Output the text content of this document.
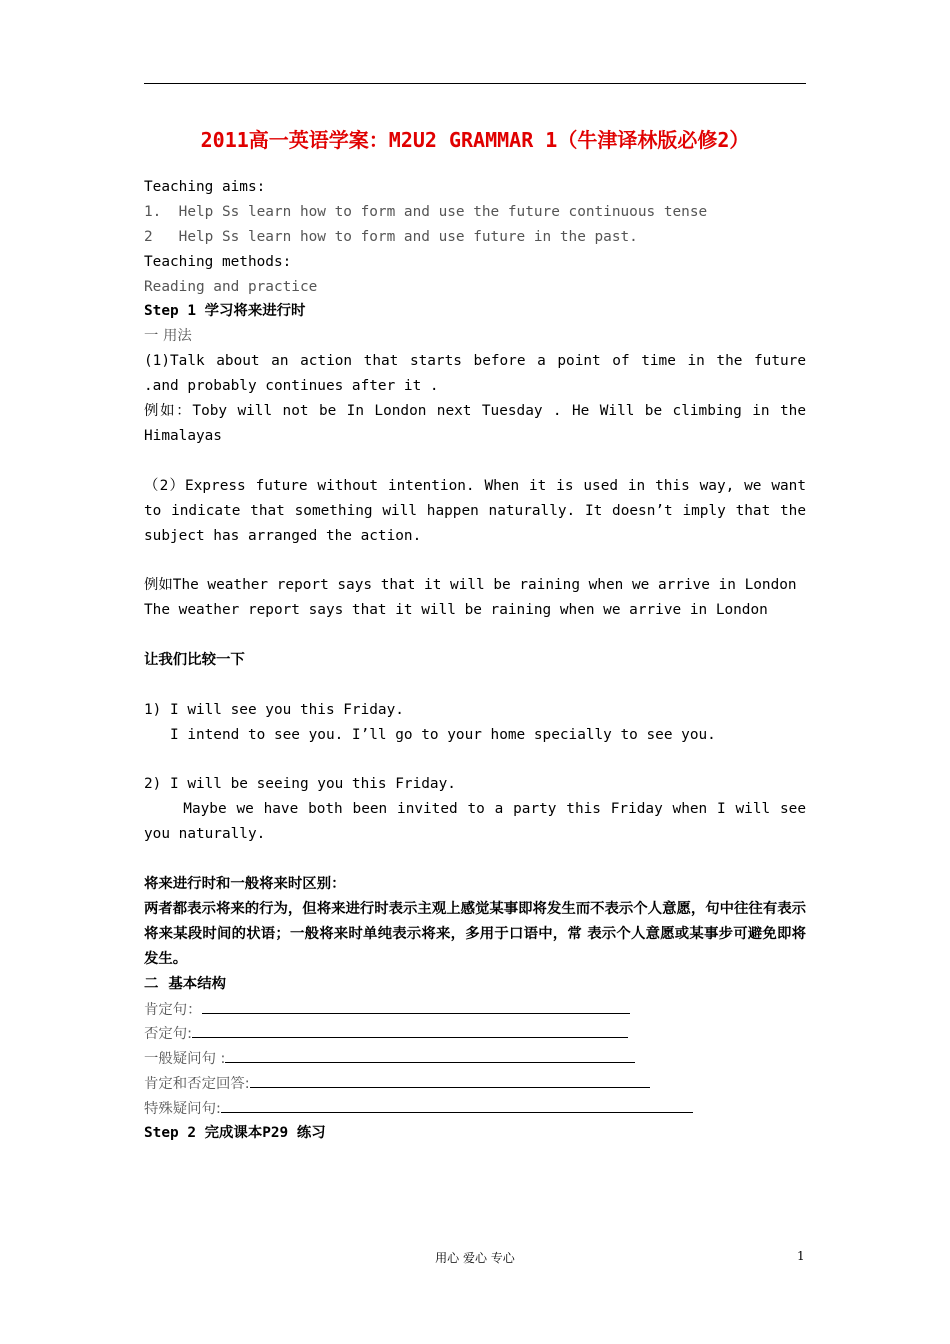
2011高一英语学案：M2U2 GRAMMAR 1（牛津译林版必修2）
Teaching aims:
1.  Help Ss learn how to form and use the future continuous tense
2   Help Ss learn how to form and use future in the past.
Teaching methods:
Reading and practice
Step 1 学习将来进行时
一 用法
(1)Talk about an action that starts before a point of time in the future .and probably continues after it .
例如：Toby will not be In London next Tuesday . He Will be climbing in the Himalayas
（2）Express future without intention. When it is used in this way, we want to indicate that something will happen naturally. It doesn’t imply that the subject has arranged the action.
例如The weather report says that it will be raining when we arrive in London
The weather report says that it will be raining when we arrive in London
让我们比较一下
1) I will see you this Friday.
I intend to see you. I’ll go to your home specially to see you.
2) I will be seeing you this Friday.
Maybe we have both been invited to a party this Friday when I will see you naturally.
将来进行时和一般将来时区别：
两者都表示将来的行为，但将来进行时表示主观上感觉某事即将发生而不表示个人意愿，句中往往有表示将来某段时间的状语；一般将来时单纯表示将来，多用于口语中，常 表示个人意愿或某事步可避免即将发生。
二  基本结构
肯定句：
否定句:
一般疑问句 :
肯定和否定回答:
特殊疑问句:
Step 2 完成课本P29 练习
用心 爱心 专心	1
